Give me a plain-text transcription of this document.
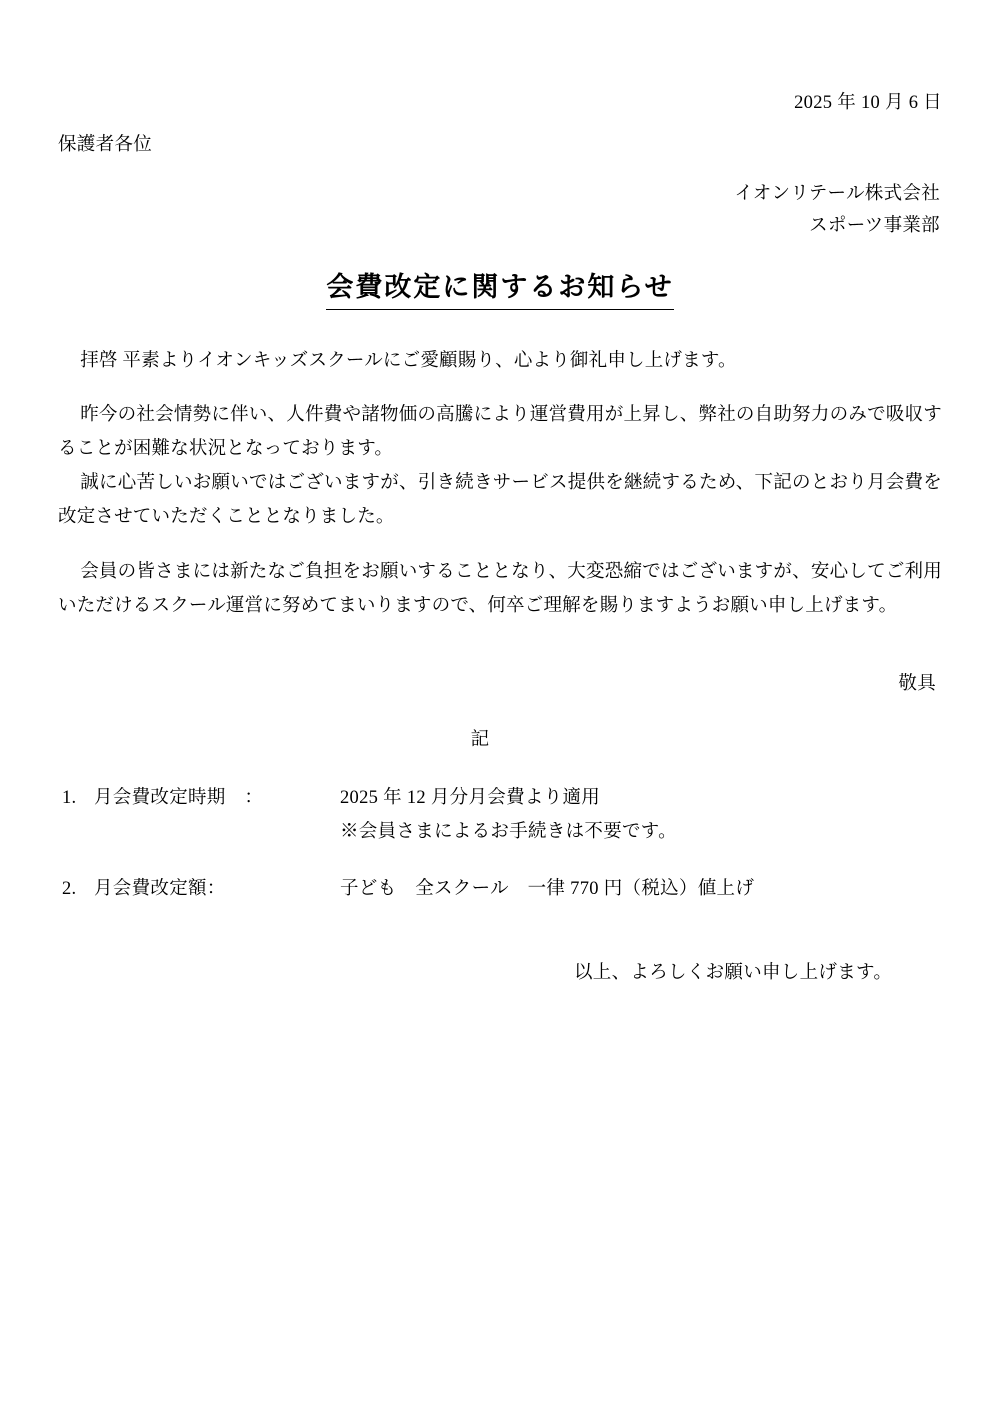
2025 年 10 月 6 日
保護者各位
イオンリテール株式会社
スポーツ事業部
会費改定に関するお知らせ

拝啓 平素よりイオンキッズスクールにご愛顧賜り、心より御礼申し上げます。

昨今の社会情勢に伴い、人件費や諸物価の高騰により運営費用が上昇し、弊社の自助努力のみで吸収することが困難な状況となっております。

誠に心苦しいお願いではございますが、引き続きサービス提供を継続するため、下記のとおり月会費を改定させていただくこととなりました。

会員の皆さまには新たなご負担をお願いすることとなり、大変恐縮ではございますが、安心してご利用いただけるスクール運営に努めてまいりますので、何卒ご理解を賜りますようお願い申し上げます。

敬具
記
1. 月会費改定時期　：	2025 年 12 月分月会費より適用
※会員さまによるお手続きは不要です。
2. 月会費改定額：	子ども　全スクール　一律 770 円（税込）値上げ
以上、よろしくお願い申し上げます。
